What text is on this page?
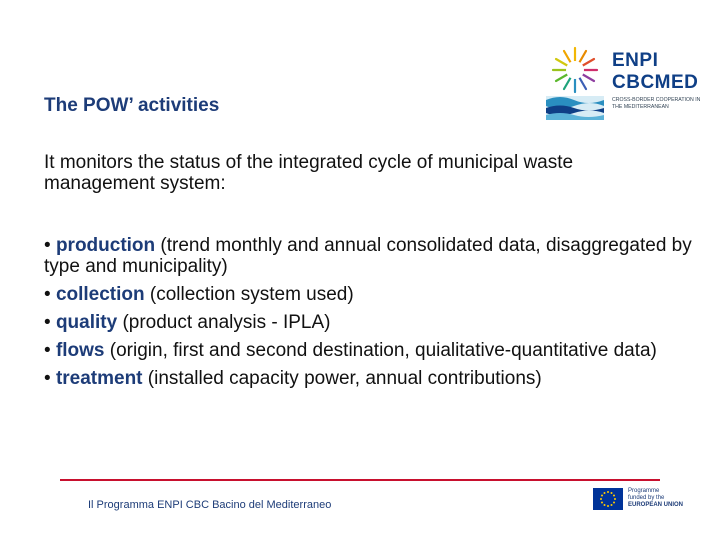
ENPI
CBCMED
CROSS-BORDER COOPERATION IN THE MEDITERRANEAN
The POW’ activities

It monitors the status of the integrated cycle of municipal waste management system:

• production (trend monthly and annual consolidated data, disaggregated by type and municipality)
• collection (collection system used)
• quality (product analysis - IPLA)
• flows (origin, first and second destination, quialitative-quantitative data)
• treatment (installed capacity power, annual contributions)
Il Programma ENPI CBC Bacino del Mediterraneo
Programme
funded by the
EUROPEAN UNION
